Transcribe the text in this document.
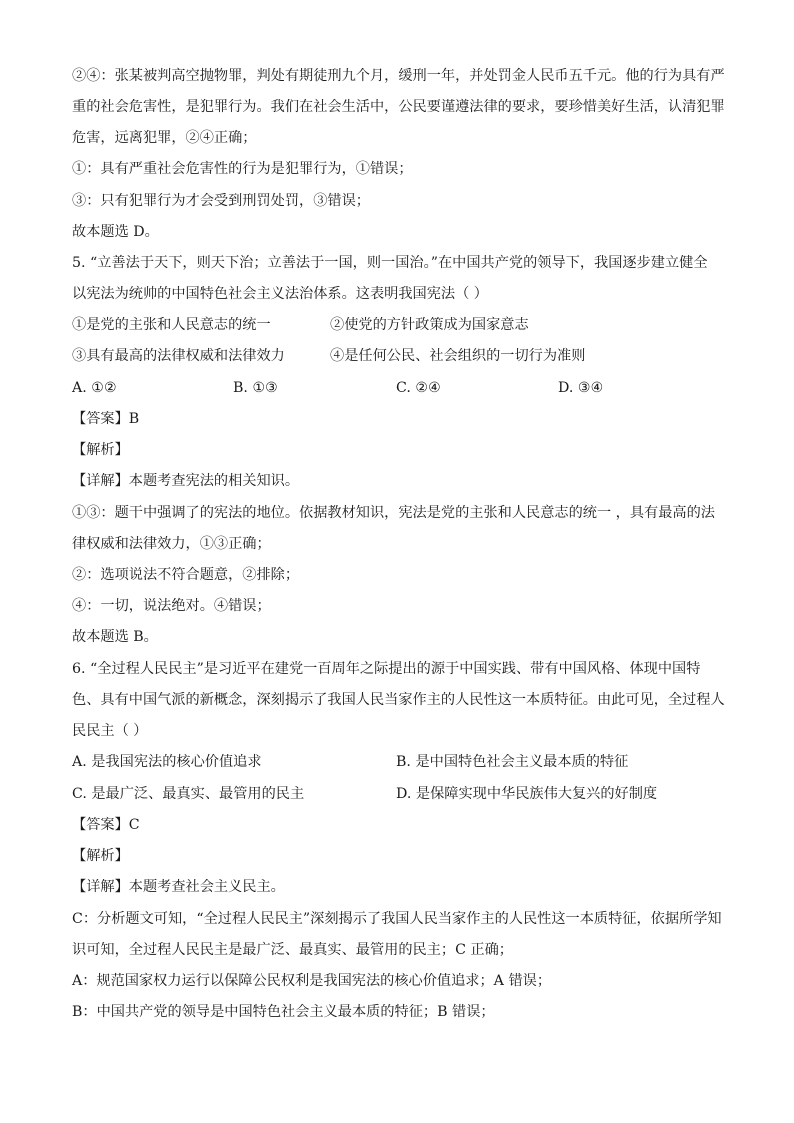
②④：张某被判高空抛物罪，判处有期徒刑九个月，缓刑一年，并处罚金人民币五千元。他的行为具有严
重的社会危害性，是犯罪行为。我们在社会生活中，公民要谨遵法律的要求，要珍惜美好生活，认清犯罪
危害，远离犯罪，②④正确；
①：具有严重社会危害性的行为是犯罪行为，①错误；
③：只有犯罪行为才会受到刑罚处罚，③错误；
故本题选 D。
5. “立善法于天下，则天下治；立善法于一国，则一国治。”在中国共产党的领导下，我国逐步建立健全
以宪法为统帅的中国特色社会主义法治体系。这表明我国宪法（ ）
①是党的主张和人民意志的统一	②使党的方针政策成为国家意志
③具有最高的法律权威和法律效力	④是任何公民、社会组织的一切行为准则
A. ①②	B. ①③	C. ②④	D. ③④
【答案】B
【解析】
【详解】本题考查宪法的相关知识。
①③：题干中强调了的宪法的地位。依据教材知识，宪法是党的主张和人民意志的统一 ，具有最高的法
律权威和法律效力，①③正确；
②：选项说法不符合题意，②排除；
④：一切，说法绝对。④错误；
故本题选 B。
6. “全过程人民民主”是习近平在建党一百周年之际提出的源于中国实践、带有中国风格、体现中国特
色、具有中国气派的新概念，深刻揭示了我国人民当家作主的人民性这一本质特征。由此可见，全过程人
民民主（ ）
A. 是我国宪法的核心价值追求	B. 是中国特色社会主义最本质的特征
C. 是最广泛、最真实、最管用的民主	D. 是保障实现中华民族伟大复兴的好制度
【答案】C
【解析】
【详解】本题考查社会主义民主。
C：分析题文可知，“全过程人民民主”深刻揭示了我国人民当家作主的人民性这一本质特征，依据所学知
识可知，全过程人民民主是最广泛、最真实、最管用的民主；C 正确；
A：规范国家权力运行以保障公民权利是我国宪法的核心价值追求；A 错误；
B：中国共产党的领导是中国特色社会主义最本质的特征；B 错误；
